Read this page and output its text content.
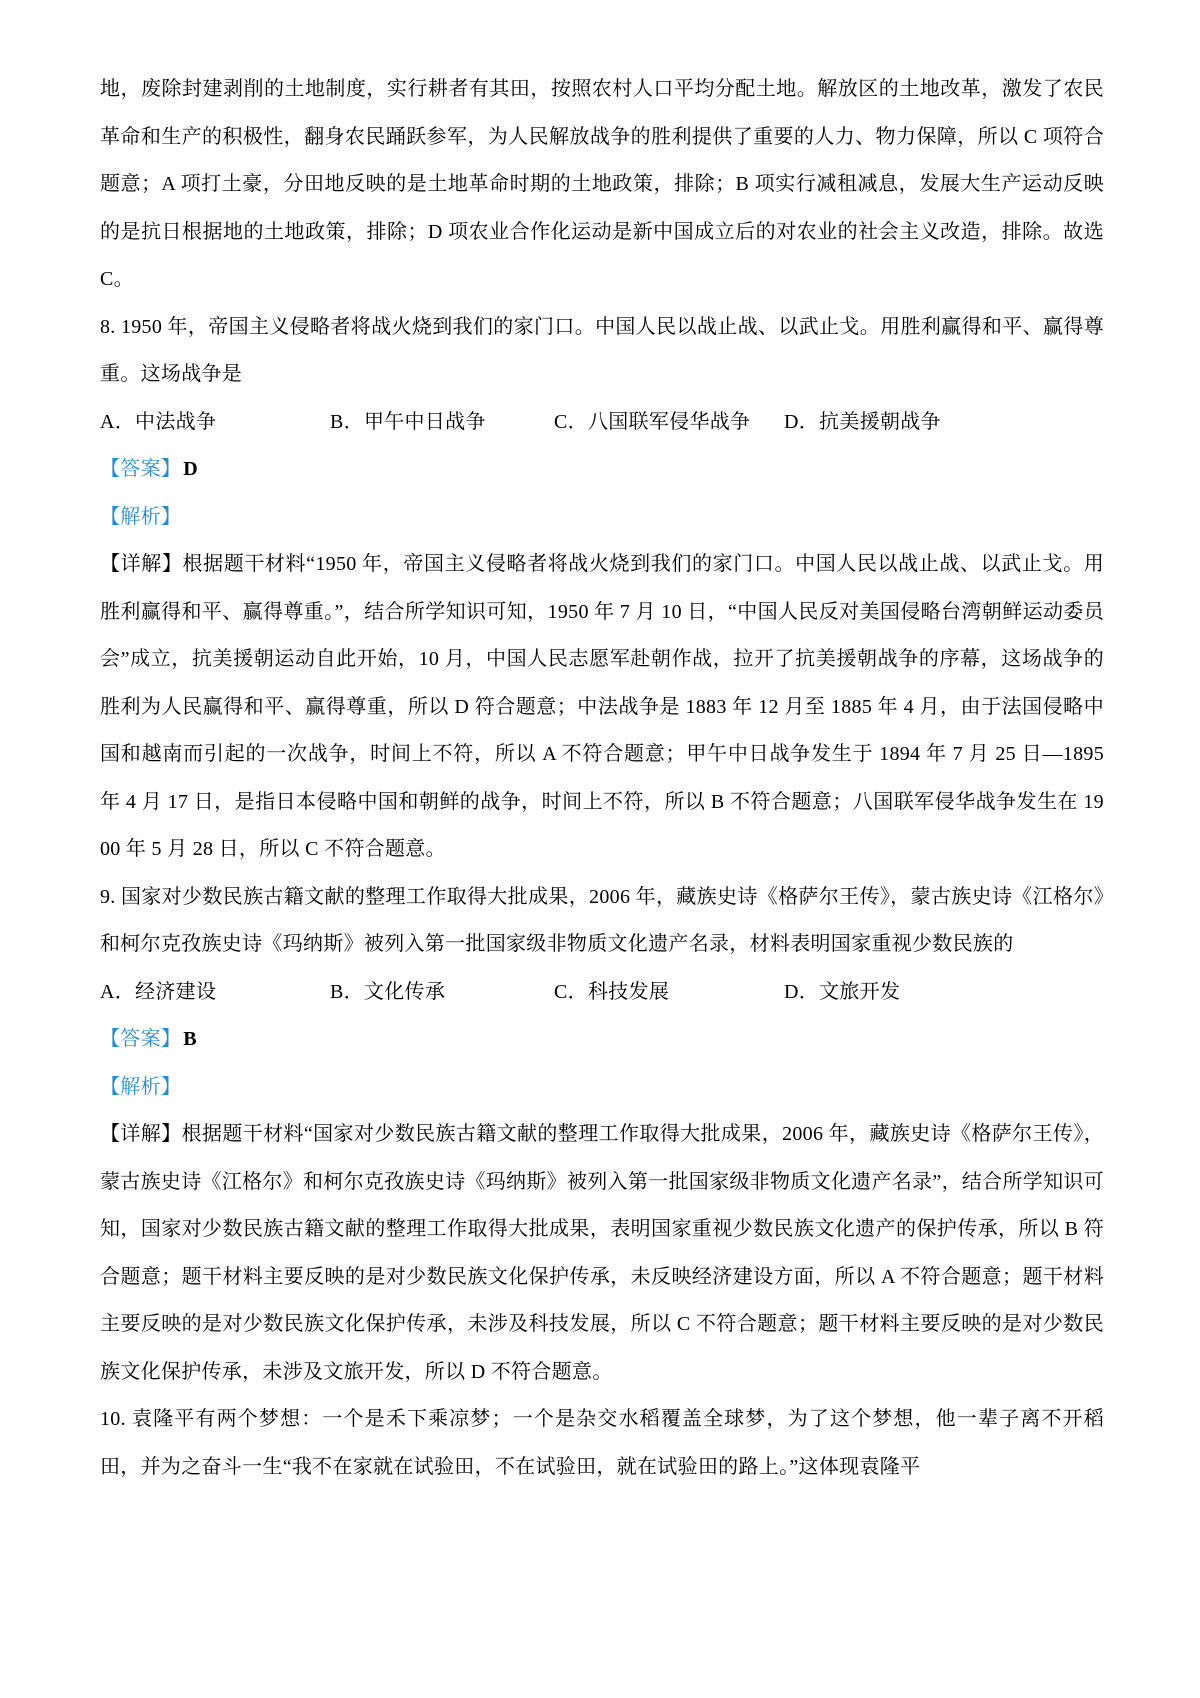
地，废除封建剥削的土地制度，实行耕者有其田，按照农村人口平均分配土地。解放区的土地改革，激发了农民革命和生产的积极性，翻身农民踊跃参军，为人民解放战争的胜利提供了重要的人力、物力保障，所以 C 项符合题意；A 项打土豪，分田地反映的是土地革命时期的土地政策，排除；B 项实行减租减息，发展大生产运动反映的是抗日根据地的土地政策，排除；D 项农业合作化运动是新中国成立后的对农业的社会主义改造，排除。故选 C。

8. 1950 年，帝国主义侵略者将战火烧到我们的家门口。中国人民以战止战、以武止戈。用胜利赢得和平、赢得尊重。这场战争是

A．中法战争	B．甲午中日战争	C．八国联军侵华战争	D．抗美援朝战争

【答案】 D

【解析】

【详解】根据题干材料“1950 年，帝国主义侵略者将战火烧到我们的家门口。中国人民以战止战、以武止戈。用胜利赢得和平、赢得尊重。”，结合所学知识可知，1950 年 7 月 10 日，“中国人民反对美国侵略台湾朝鲜运动委员会”成立，抗美援朝运动自此开始，10 月，中国人民志愿军赴朝作战，拉开了抗美援朝战争的序幕，这场战争的胜利为人民赢得和平、赢得尊重，所以 D 符合题意；中法战争是 1883 年 12 月至 1885 年 4 月，由于法国侵略中国和越南而引起的一次战争，时间上不符，所以 A 不符合题意；甲午中日战争发生于 1894 年 7 月 25 日—1895 年 4 月 17 日，是指日本侵略中国和朝鲜的战争，时间上不符，所以 B 不符合题意；八国联军侵华战争发生在 1900 年 5 月 28 日，所以 C 不符合题意。

9. 国家对少数民族古籍文献的整理工作取得大批成果，2006 年，藏族史诗《格萨尔王传》，蒙古族史诗《江格尔》和柯尔克孜族史诗《玛纳斯》被列入第一批国家级非物质文化遗产名录，材料表明国家重视少数民族的

A．经济建设	B．文化传承	C．科技发展	D．文旅开发

【答案】 B

【解析】

【详解】根据题干材料“国家对少数民族古籍文献的整理工作取得大批成果，2006 年，藏族史诗《格萨尔王传》，蒙古族史诗《江格尔》和柯尔克孜族史诗《玛纳斯》被列入第一批国家级非物质文化遗产名录”，结合所学知识可知，国家对少数民族古籍文献的整理工作取得大批成果，表明国家重视少数民族文化遗产的保护传承，所以 B 符合题意；题干材料主要反映的是对少数民族文化保护传承，未反映经济建设方面，所以 A 不符合题意；题干材料主要反映的是对少数民族文化保护传承，未涉及科技发展，所以 C 不符合题意；题干材料主要反映的是对少数民族文化保护传承，未涉及文旅开发，所以 D 不符合题意。

10. 袁隆平有两个梦想：一个是禾下乘凉梦；一个是杂交水稻覆盖全球梦，为了这个梦想，他一辈子离不开稻田，并为之奋斗一生“我不在家就在试验田，不在试验田，就在试验田的路上。”这体现袁隆平
